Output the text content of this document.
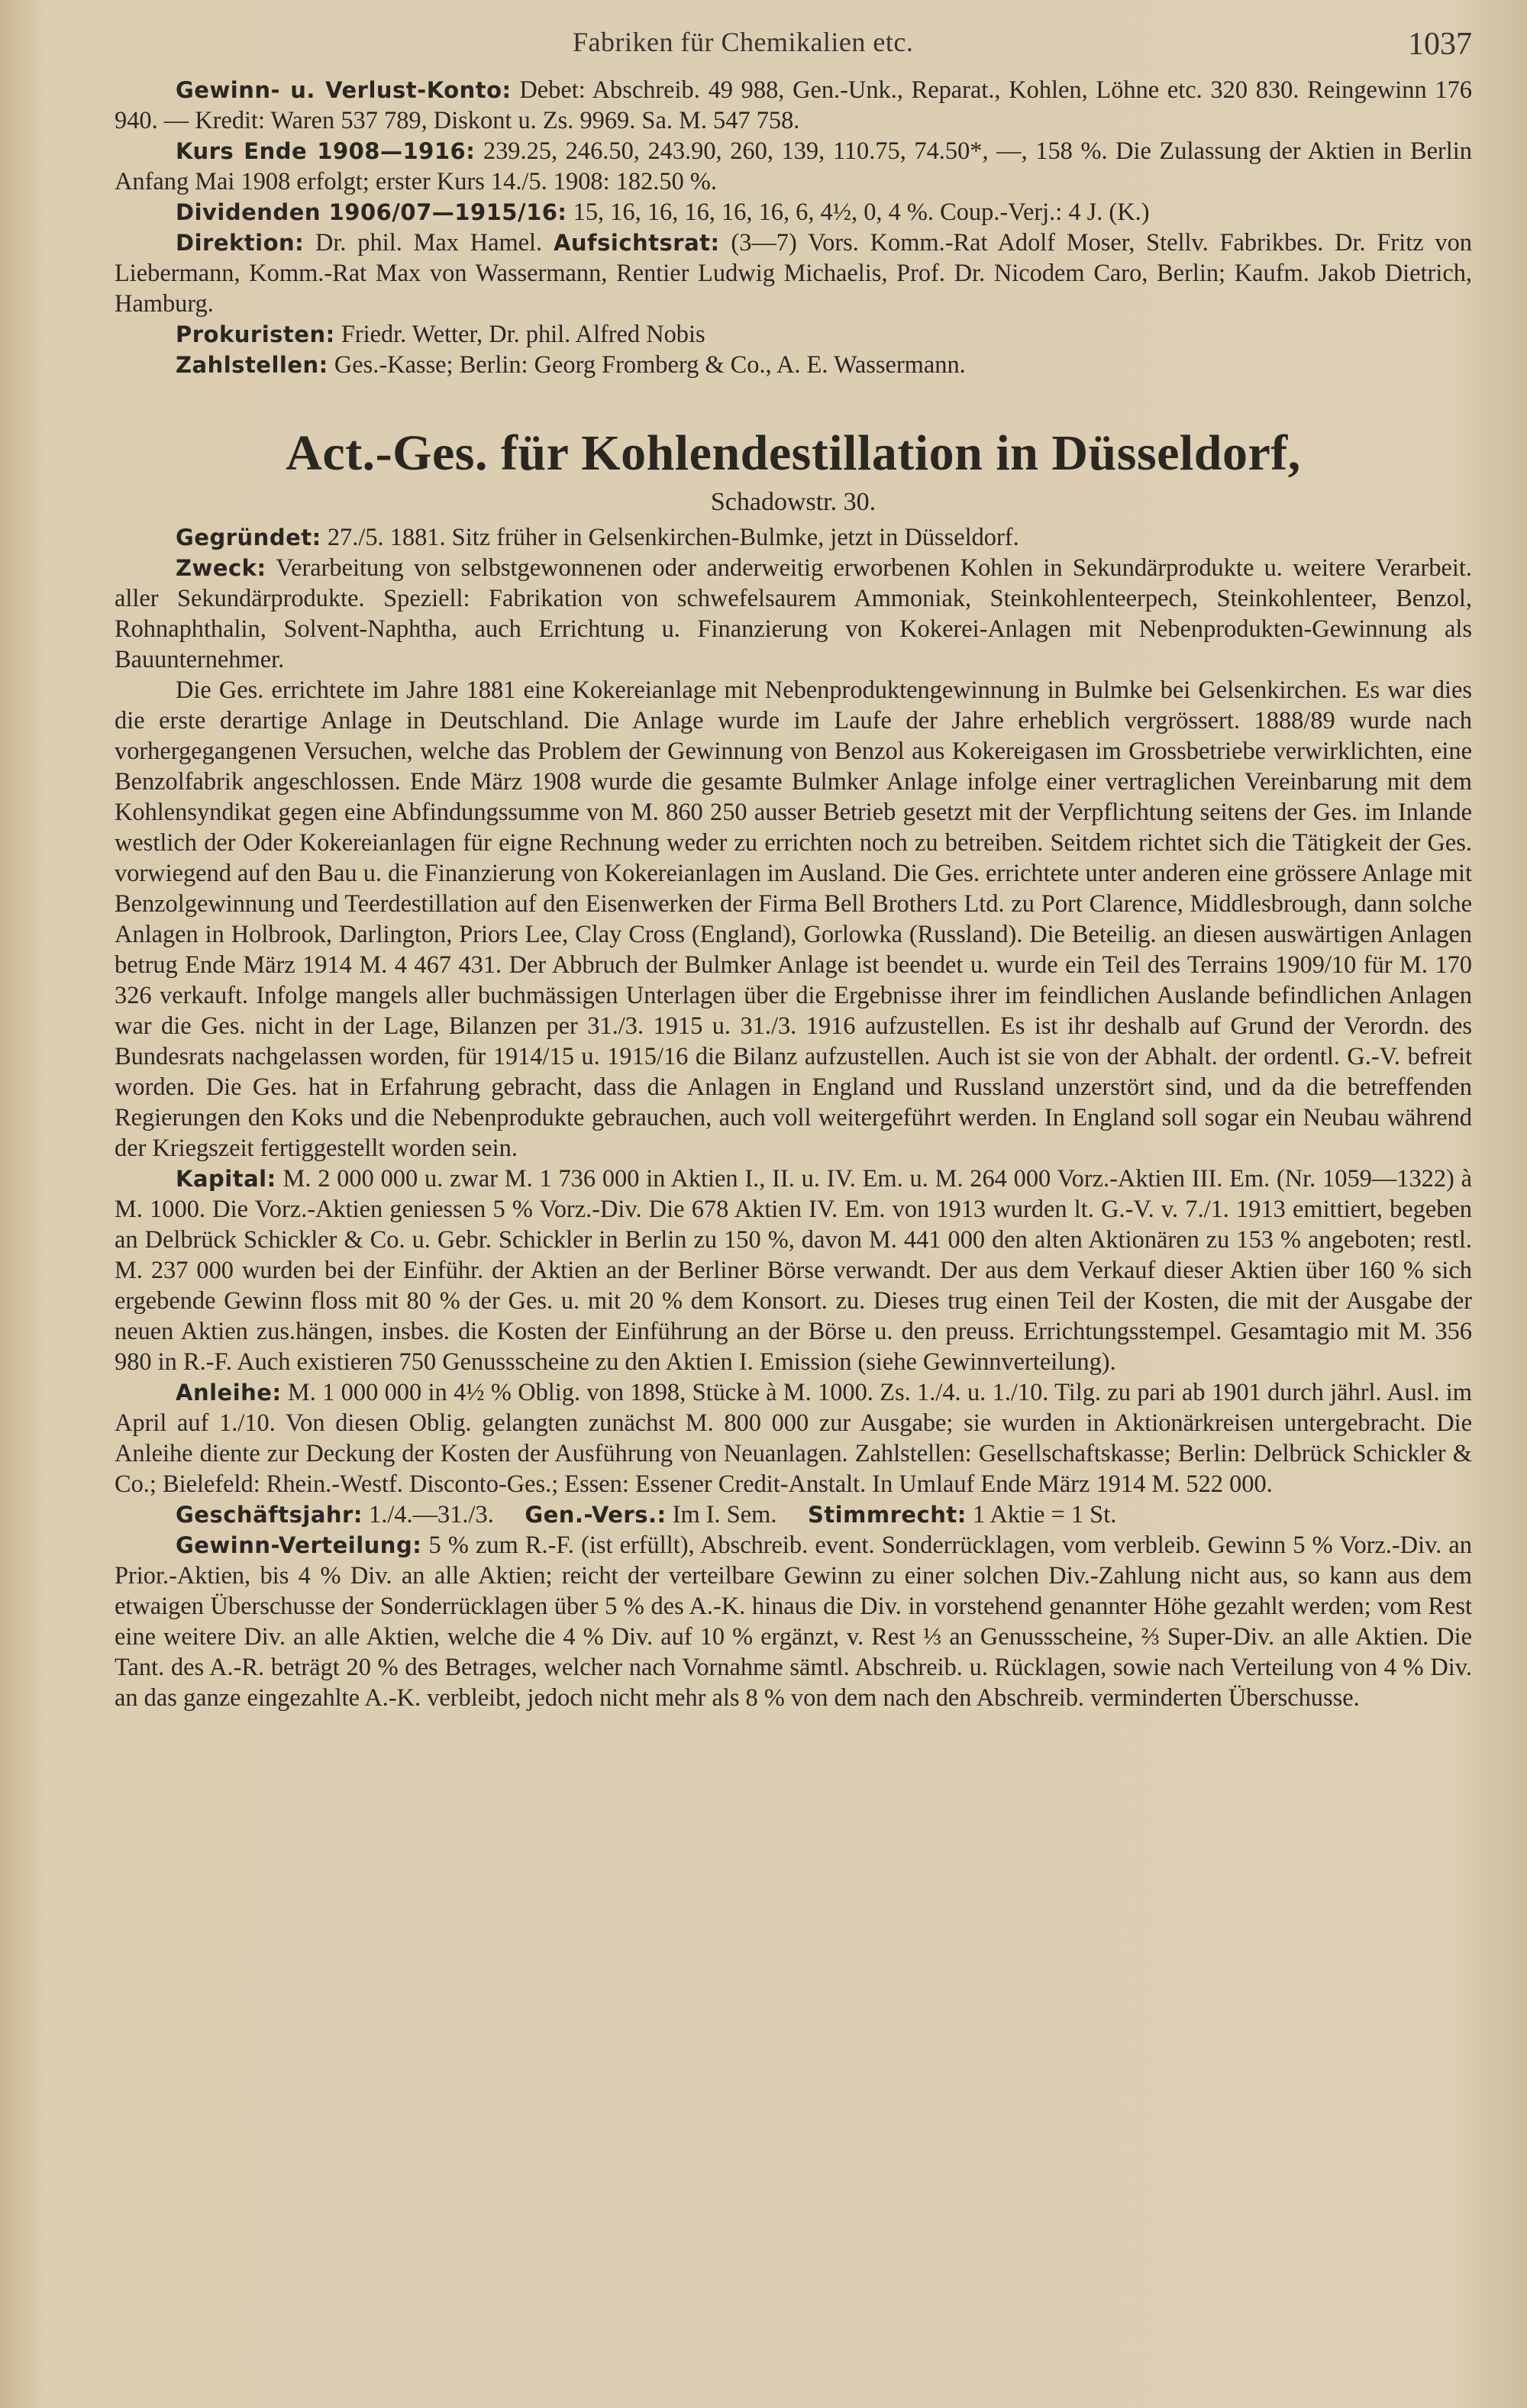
Fabriken für Chemikalien etc.	1037

Gewinn- u. Verlust-Konto: Debet: Abschreib. 49 988, Gen.-Unk., Reparat., Kohlen, Löhne etc. 320 830. Reingewinn 176 940. — Kredit: Waren 537 789, Diskont u. Zs. 9969. Sa. M. 547 758.

Kurs Ende 1908—1916: 239.25, 246.50, 243.90, 260, 139, 110.75, 74.50*, —, 158 %. Die Zulassung der Aktien in Berlin Anfang Mai 1908 erfolgt; erster Kurs 14./5. 1908: 182.50 %.

Dividenden 1906/07—1915/16: 15, 16, 16, 16, 16, 16, 6, 4½, 0, 4 %. Coup.-Verj.: 4 J. (K.)

Direktion: Dr. phil. Max Hamel. Aufsichtsrat: (3—7) Vors. Komm.-Rat Adolf Moser, Stellv. Fabrikbes. Dr. Fritz von Liebermann, Komm.-Rat Max von Wassermann, Rentier Ludwig Michaelis, Prof. Dr. Nicodem Caro, Berlin; Kaufm. Jakob Dietrich, Hamburg.

Prokuristen: Friedr. Wetter, Dr. phil. Alfred Nobis

Zahlstellen: Ges.-Kasse; Berlin: Georg Fromberg & Co., A. E. Wassermann.

Act.-Ges. für Kohlendestillation in Düsseldorf,
Schadowstr. 30.

Gegründet: 27./5. 1881. Sitz früher in Gelsenkirchen-Bulmke, jetzt in Düsseldorf.

Zweck: Verarbeitung von selbstgewonnenen oder anderweitig erworbenen Kohlen in Sekundärprodukte u. weitere Verarbeit. aller Sekundärprodukte. Speziell: Fabrikation von schwefelsaurem Ammoniak, Steinkohlenteerpech, Steinkohlenteer, Benzol, Rohnaphthalin, Solvent-Naphtha, auch Errichtung u. Finanzierung von Kokerei-Anlagen mit Nebenprodukten-Gewinnung als Bauunternehmer.

Die Ges. errichtete im Jahre 1881 eine Kokereianlage mit Nebenproduktengewinnung in Bulmke bei Gelsenkirchen. Es war dies die erste derartige Anlage in Deutschland. Die Anlage wurde im Laufe der Jahre erheblich vergrössert. 1888/89 wurde nach vorhergegangenen Versuchen, welche das Problem der Gewinnung von Benzol aus Kokereigasen im Grossbetriebe verwirklichten, eine Benzolfabrik angeschlossen. Ende März 1908 wurde die gesamte Bulmker Anlage infolge einer vertraglichen Vereinbarung mit dem Kohlensyndikat gegen eine Abfindungssumme von M. 860 250 ausser Betrieb gesetzt mit der Verpflichtung seitens der Ges. im Inlande westlich der Oder Kokereianlagen für eigne Rechnung weder zu errichten noch zu betreiben. Seitdem richtet sich die Tätigkeit der Ges. vorwiegend auf den Bau u. die Finanzierung von Kokereianlagen im Ausland. Die Ges. errichtete unter anderen eine grössere Anlage mit Benzolgewinnung und Teerdestillation auf den Eisenwerken der Firma Bell Brothers Ltd. zu Port Clarence, Middlesbrough, dann solche Anlagen in Holbrook, Darlington, Priors Lee, Clay Cross (England), Gorlowka (Russland). Die Beteilig. an diesen auswärtigen Anlagen betrug Ende März 1914 M. 4 467 431. Der Abbruch der Bulmker Anlage ist beendet u. wurde ein Teil des Terrains 1909/10 für M. 170 326 verkauft. Infolge mangels aller buchmässigen Unterlagen über die Ergebnisse ihrer im feindlichen Auslande befindlichen Anlagen war die Ges. nicht in der Lage, Bilanzen per 31./3. 1915 u. 31./3. 1916 aufzustellen. Es ist ihr deshalb auf Grund der Verordn. des Bundesrats nachgelassen worden, für 1914/15 u. 1915/16 die Bilanz aufzustellen. Auch ist sie von der Abhalt. der ordentl. G.-V. befreit worden. Die Ges. hat in Erfahrung gebracht, dass die Anlagen in England und Russland unzerstört sind, und da die betreffenden Regierungen den Koks und die Nebenprodukte gebrauchen, auch voll weitergeführt werden. In England soll sogar ein Neubau während der Kriegszeit fertiggestellt worden sein.

Kapital: M. 2 000 000 u. zwar M. 1 736 000 in Aktien I., II. u. IV. Em. u. M. 264 000 Vorz.-Aktien III. Em. (Nr. 1059—1322) à M. 1000. Die Vorz.-Aktien geniessen 5 % Vorz.-Div. Die 678 Aktien IV. Em. von 1913 wurden lt. G.-V. v. 7./1. 1913 emittiert, begeben an Delbrück Schickler & Co. u. Gebr. Schickler in Berlin zu 150 %, davon M. 441 000 den alten Aktionären zu 153 % angeboten; restl. M. 237 000 wurden bei der Einführ. der Aktien an der Berliner Börse verwandt. Der aus dem Verkauf dieser Aktien über 160 % sich ergebende Gewinn floss mit 80 % der Ges. u. mit 20 % dem Konsort. zu. Dieses trug einen Teil der Kosten, die mit der Ausgabe der neuen Aktien zus.hängen, insbes. die Kosten der Einführung an der Börse u. den preuss. Errichtungsstempel. Gesamtagio mit M. 356 980 in R.-F. Auch existieren 750 Genussscheine zu den Aktien I. Emission (siehe Gewinnverteilung).

Anleihe: M. 1 000 000 in 4½ % Oblig. von 1898, Stücke à M. 1000. Zs. 1./4. u. 1./10. Tilg. zu pari ab 1901 durch jährl. Ausl. im April auf 1./10. Von diesen Oblig. gelangten zunächst M. 800 000 zur Ausgabe; sie wurden in Aktionärkreisen untergebracht. Die Anleihe diente zur Deckung der Kosten der Ausführung von Neuanlagen. Zahlstellen: Gesellschaftskasse; Berlin: Delbrück Schickler & Co.; Bielefeld: Rhein.-Westf. Disconto-Ges.; Essen: Essener Credit-Anstalt. In Umlauf Ende März 1914 M. 522 000.

Geschäftsjahr: 1./4.—31./3. Gen.-Vers.: Im I. Sem. Stimmrecht: 1 Aktie = 1 St.

Gewinn-Verteilung: 5 % zum R.-F. (ist erfüllt), Abschreib. event. Sonderrücklagen, vom verbleib. Gewinn 5 % Vorz.-Div. an Prior.-Aktien, bis 4 % Div. an alle Aktien; reicht der verteilbare Gewinn zu einer solchen Div.-Zahlung nicht aus, so kann aus dem etwaigen Überschusse der Sonderrücklagen über 5 % des A.-K. hinaus die Div. in vorstehend genannter Höhe gezahlt werden; vom Rest eine weitere Div. an alle Aktien, welche die 4 % Div. auf 10 % ergänzt, v. Rest ⅓ an Genussscheine, ⅔ Super-Div. an alle Aktien. Die Tant. des A.-R. beträgt 20 % des Betrages, welcher nach Vornahme sämtl. Abschreib. u. Rücklagen, sowie nach Verteilung von 4 % Div. an das ganze eingezahlte A.-K. verbleibt, jedoch nicht mehr als 8 % von dem nach den Abschreib. verminderten Überschusse.
